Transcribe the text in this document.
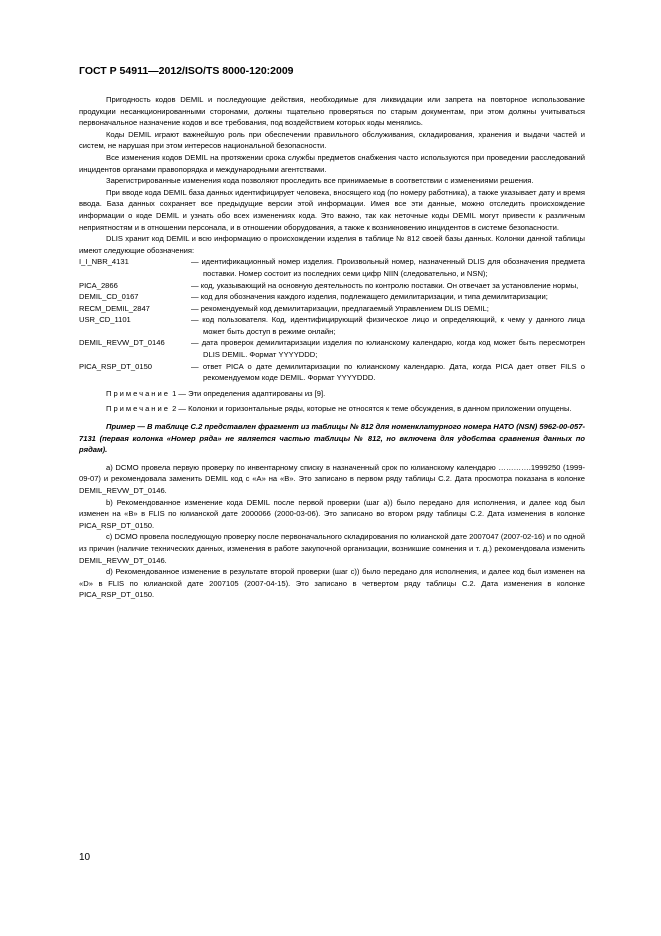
ГОСТ Р 54911—2012/ISO/TS 8000-120:2009

Пригодность кодов DEMIL и последующие действия, необходимые для ликвидации или запрета на повторное использование продукции несанкционированными сторонами, должны тщательно проверяться по старым документам, при этом должны учитываться первоначальное назначение кодов и все требования, под воздействием которых коды менялись.

Коды DEMIL играют важнейшую роль при обеспечении правильного обслуживания, складирования, хранения и выдачи частей и систем, не нарушая при этом интересов национальной безопасности.

Все изменения кодов DEMIL на протяжении срока службы предметов снабжения часто используются при проведении расследований инцидентов органами правопорядка и международными агентствами.

Зарегистрированные изменения кода позволяют проследить все принимаемые в соответствии с изменениями решения.

При вводе кода DEMIL база данных идентифицирует человека, вносящего код (по номеру работника), а также указывает дату и время ввода. База данных сохраняет все предыдущие версии этой информации. Имея все эти данные, можно отследить происхождение информации о коде DEMIL и узнать обо всех изменениях кода. Это важно, так как неточные коды DEMIL могут привести к различным неприятностям и в отношении персонала, и в отношении оборудования, а также к возникновению инцидентов в системе безопасности.

DLIS хранит код DEMIL и всю информацию о происхождении изделия в таблице № 812 своей базы данных. Колонки данной таблицы имеют следующие обозначения:

I_I_NBR_4131	— идентификационный номер изделия. Произвольный номер, назначенный DLIS для обозначения предмета поставки. Номер состоит из последних семи цифр NIIN (следовательно, и NSN);
PICA_2866	— код, указывающий на основную деятельность по контролю поставки. Он отвечает за установление нормы,
DEMIL_CD_0167	— код для обозначения каждого изделия, подлежащего демилитаризации, и типа демилитаризации;
RECM_DEMIL_2847	— рекомендуемый код демилитаризации, предлагаемый Управлением DLIS DEMIL;
USR_CD_1101	— код пользователя. Код, идентифицирующий физическое лицо и определяющий, к чему у данного лица может быть доступ в режиме онлайн;
DEMIL_REVW_DT_0146	— дата проверок демилитаризации изделия по юлианскому календарю, когда код может быть пересмотрен DLIS DEMIL. Формат YYYYDDD;
PICA_RSP_DT_0150	— ответ PICA о дате демилитаризации по юлианскому календарю. Дата, когда PICA дает ответ FILS о рекомендуемом коде DEMIL. Формат YYYYDDD.

Примечание 1 — Эти определения адаптированы из [9].

Примечание 2 — Колонки и горизонтальные ряды, которые не относятся к теме обсуждения, в данном приложении опущены.

Пример — В таблице С.2 представлен фрагмент из таблицы № 812 для номенклатурного номера НАТО (NSN) 5962-00-057-7131 (первая колонка «Номер ряда» не является частью таблицы № 812, но включена для удобства сравнения данных по рядам).

a) DCMO провела первую проверку по инвентарному списку в назначенный срок по юлианскому календарю ………….1999250 (1999-09-07) и рекомендовала заменить DEMIL код с «А» на «В». Это записано в первом ряду таблицы С.2. Дата просмотра показана в колонке DEMIL_REVW_DT_0146.

b) Рекомендованное изменение кода DEMIL после первой проверки (шаг а)) было передано для исполнения, и далее код был изменен на «В» в FLIS по юлианской дате 2000066 (2000-03-06). Это записано во втором ряду таблицы С.2. Дата изменения в колонке PICA_RSP_DT_0150.

c) DCMO провела последующую проверку после первоначального складирования по юлианской дате 2007047 (2007-02-16) и по одной из причин (наличие технических данных, изменения в работе закупочной организации, возникшие сомнения и т. д.) рекомендовала изменить DEMIL_REVW_DT_0146.

d) Рекомендованное изменение в результате второй проверки (шаг с)) было передано для исполнения, и далее код был изменен на «D» в FLIS по юлианской дате 2007105 (2007-04-15). Это записано в четвертом ряду таблицы С.2. Дата изменения в колонке PICA_RSP_DT_0150.

10
